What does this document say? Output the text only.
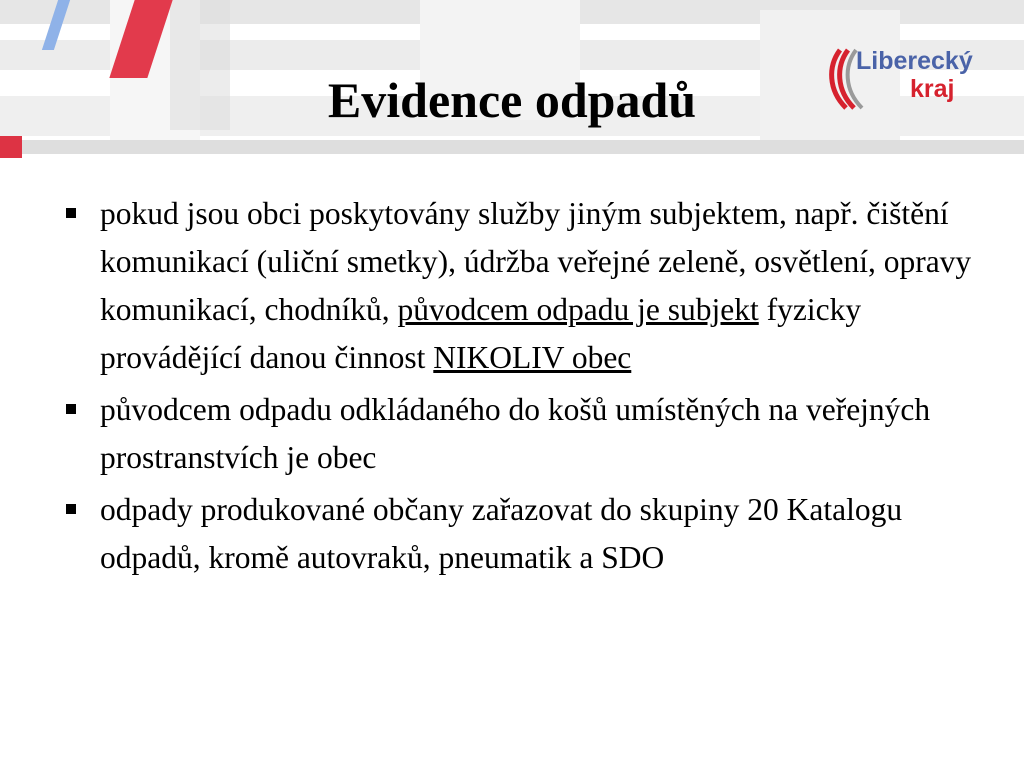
Evidence odpadů
Liberecký
kraj
pokud jsou obci poskytovány služby jiným subjektem, např. čištění komunikací (uliční smetky), údržba veřejné zeleně, osvětlení, opravy komunikací, chodníků, původcem odpadu je subjekt fyzicky provádějící danou činnost NIKOLIV obec
původcem odpadu odkládaného do košů umístěných na veřejných prostranstvích je obec
odpady produkované občany zařazovat do skupiny 20 Katalogu odpadů, kromě autovraků, pneumatik a SDO
